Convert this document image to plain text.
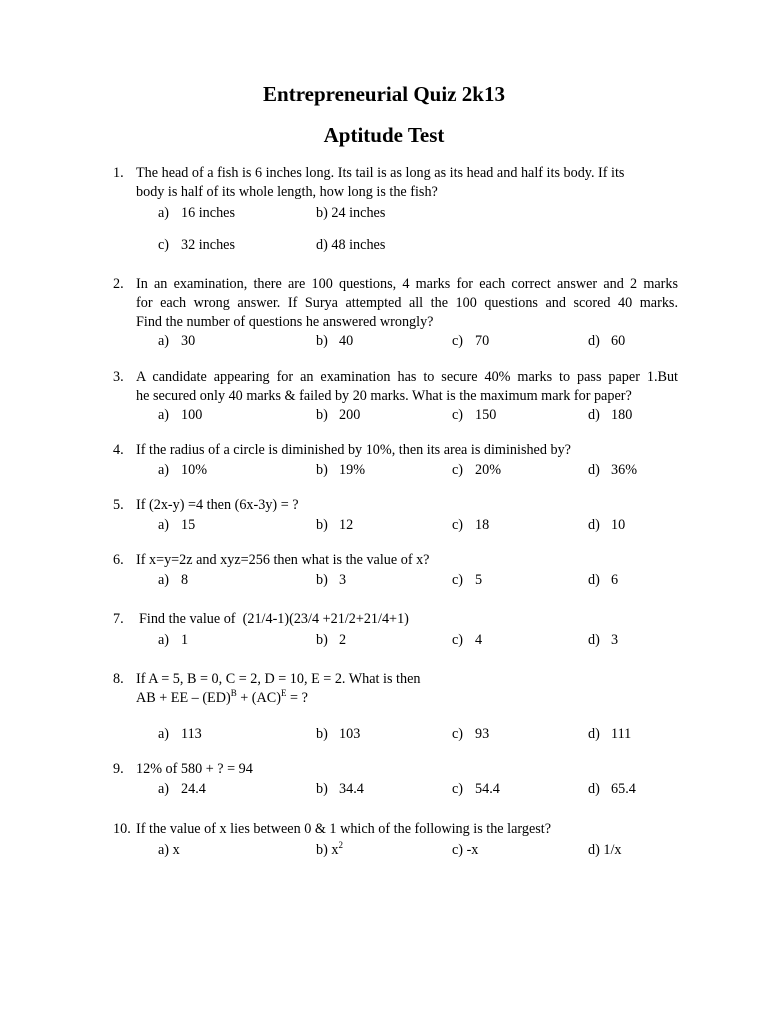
Entrepreneurial Quiz 2k13
Aptitude Test
1. The head of a fish is 6 inches long. Its tail is as long as its head and half its body. If its
body is half of its whole length, how long is the fish?
a) 16 inches	b) 24 inches
c) 32 inches	d) 48 inches
2. In an examination, there are 100 questions, 4 marks for each correct answer and 2 marks
for each wrong answer. If Surya attempted all the 100 questions and scored 40 marks.
Find the number of questions he answered wrongly?
a) 30	b) 40	c) 70	d) 60
3. A candidate appearing for an examination has to secure 40% marks to pass paper 1.But
he secured only 40 marks & failed by 20 marks. What is the maximum mark for paper?
a) 100	b) 200	c) 150	d) 180
4. If the radius of a circle is diminished by 10%, then its area is diminished by?
a) 10%	b) 19%	c) 20%	d) 36%
5. If (2x-y) =4 then (6x-3y) = ?
a) 15	b) 12	c) 18	d) 10
6. If x=y=2z and xyz=256 then what is the value of x?
a) 8	b) 3	c) 5	d) 6
7. Find the value of  (21/4-1)(23/4 +21/2+21/4+1)
a) 1	b) 2	c) 4	d) 3
8. If A = 5, B = 0, C = 2, D = 10, E = 2. What is then
AB + EE – (ED)$^B$ + (AC)$^E$ = ?
a) 113	b) 103	c) 93	d) 111
9. 12% of 580 + ? = 94
a) 24.4	b) 34.4	c) 54.4	d) 65.4
10. If the value of x lies between 0 & 1 which of the following is the largest?
a) x	b) $x^2$	c) -x	d) 1/x
